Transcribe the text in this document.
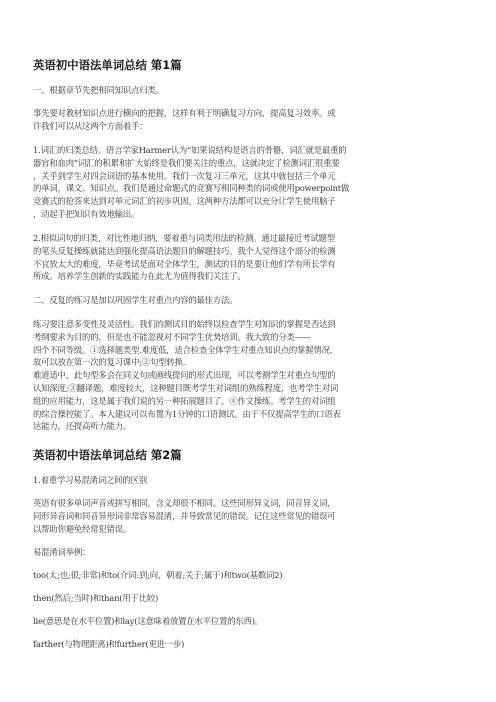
英语初中语法单词总结 第1篇
一、根据章节先把相同知识点归类。
事先要对教材知识点进行横向的把握，这样有利于明确复习方向，提高复习效率。或
许我们可以从这两个方面着手：
1.词汇的归类总结。语言学家Harmer认为“如果说结构是语言的骨骼，词汇就是最重的
器官和血肉”词汇的积累和扩大始终是我们要关注的重点，这就决定了检测词汇很重要
，关乎到学生对四会词语的基本使用。我们一次复习三单元，这其中就包括三个单元
的单词，课文、知识点。我们是通过命题式的竞赛写相同种类的词或使用powerpoint做
竞赛式的抢答来达到对单元词汇的初步巩固。这两种方法都可以充分让学生使用脑子
，动起手把知识有效地输出。
2.相似词句的归类，对比性地归纳，要着重与词类用法的检测。通过最接近考试题型
的笔头反复操练就能达到强化提高语法题目的解题技巧。我个人觉得这个部分的检测
不宜放太大的难度，毕竟考试是面对全体学生，测试的目的是要让他们学有所长学有
所成。培养学生创新的实践能力在此尤为值得我们关注了。
二、反复的练习是加以巩固学生对重点内容的最佳方法。
练习要注意多变性及灵活性。我们的测试目的始终以检查学生对知识的掌握是否达到
考纲要求为目的的，但是也不能忽视对不同学生优势培训。我大致的分类——
四个不同等级。①选择题类型.难度低，适合检查全体学生对重点知识点的掌握情况，
故可以放在第一次的复习课中;②句型转换.
难道适中，此句型多会在同义句或画线提问的形式出现，可以考测学生对重点句型的
认知深度;③翻译题，难度较大，这种题目既考学生对词组的熟练程度，也考学生对词
组的应用能力，这是属于我们说的另一种拓展题目了。④作文操练。考学生的对词组
的综合操控能了。本人建议可以布置为1分钟的口语测试。由于不仅提高学生的口语表
达能力，还提高听力能力。
英语初中语法单词总结 第2篇
1.着重学习易混淆词之间的区别
英语有很多单词声音或拼写相同，含义却很不相同。这些同形异义词，同音异义词，
同形异音词和同音异形词非常容易混淆，并导致常见的错误。记住这些常见的错误可
以帮助你避免经常犯错误。
易混淆词举例：
too(太;也;很;非常)和to(介词:到;向，朝着;关于;属于)和two(基数词2)
then(然后;当时)和than(用于比较)
lie(意思是在水平位置)和lay(这意味着放置在水平位置的东西)。
farther(与物理距离)和further(更进一步)
